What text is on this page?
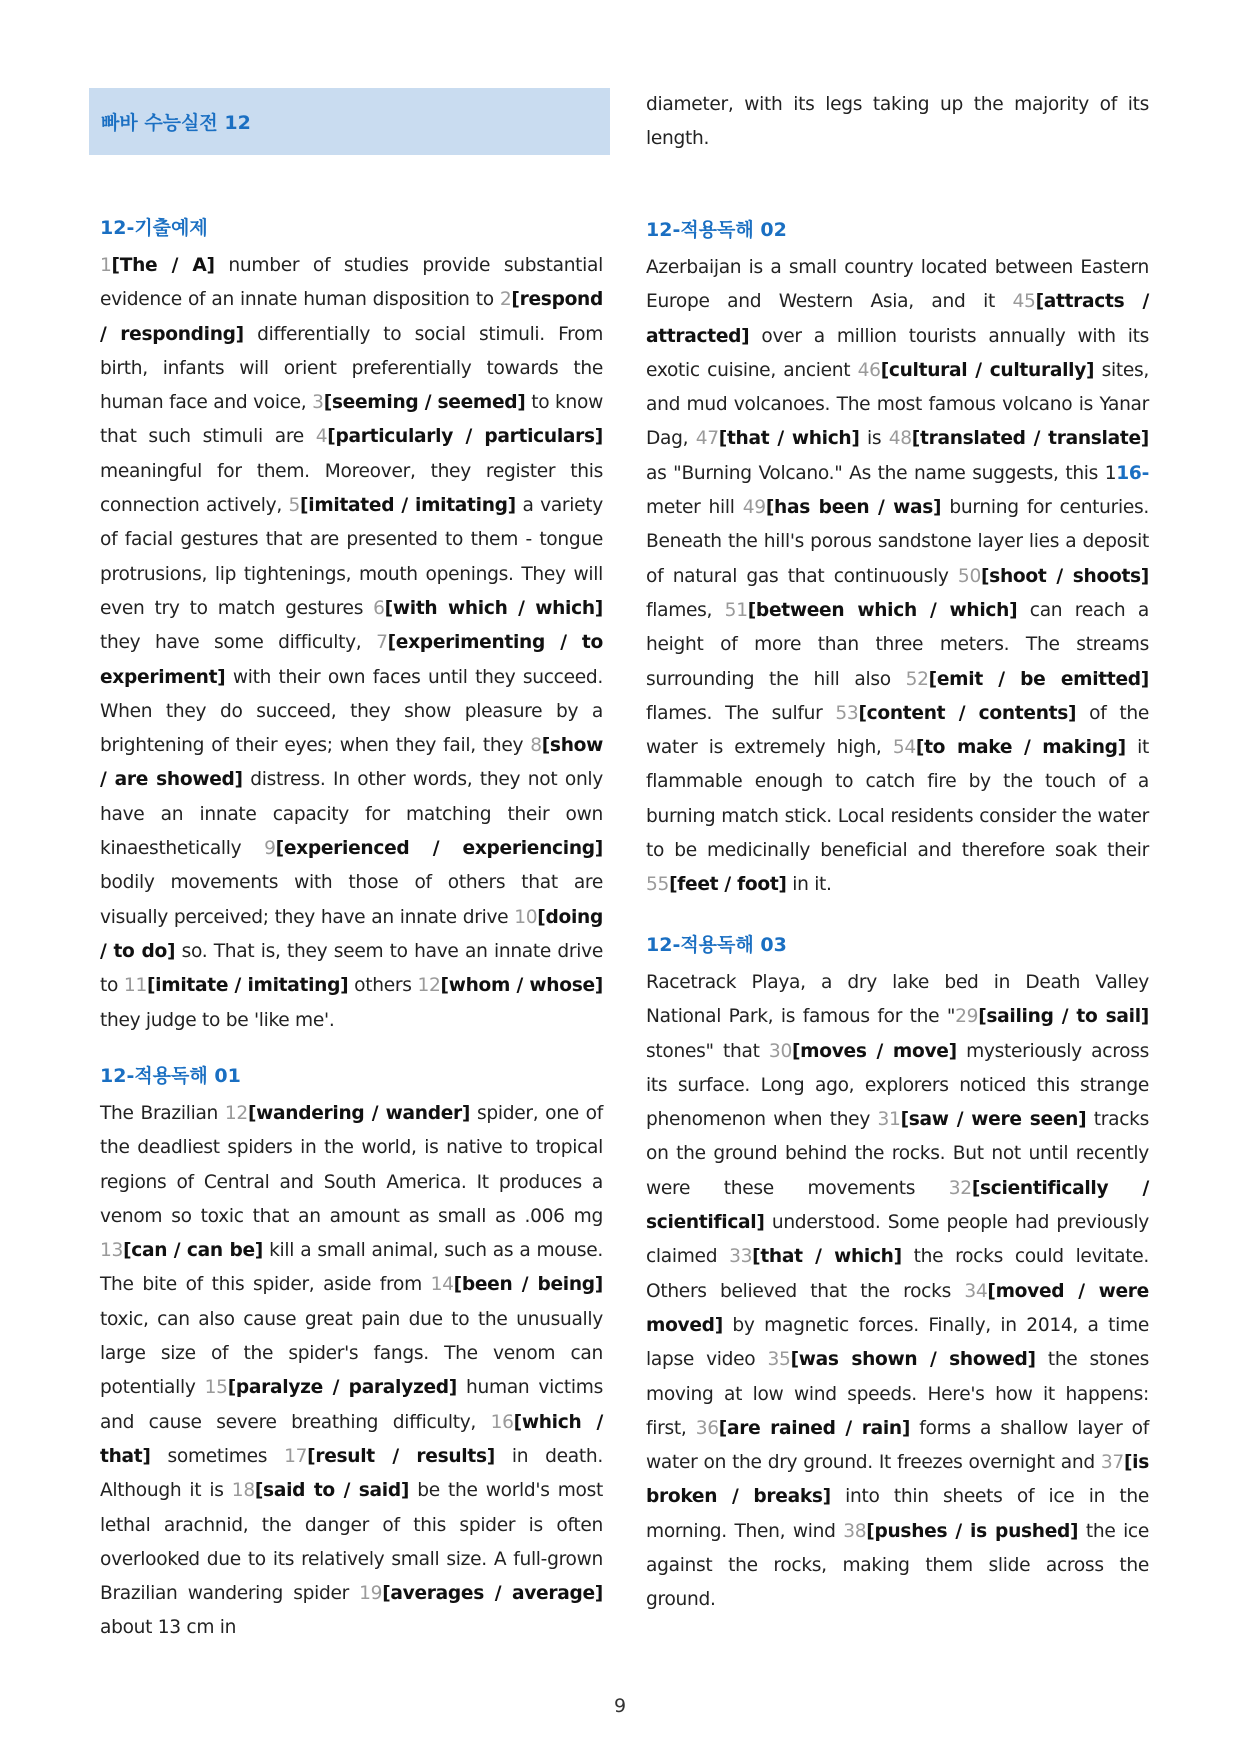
빠바 수능실전 12

diameter, with its legs taking up the majority of its length.

12-기출예제

1[The / A] number of studies provide substantial evidence of an innate human disposition to 2[respond / responding] differentially to social stimuli. From birth, infants will orient preferentially towards the human face and voice, 3[seeming / seemed] to know that such stimuli are 4[particularly / particulars] meaningful for them. Moreover, they register this connection actively, 5[imitated / imitating] a variety of facial gestures that are presented to them - tongue protrusions, lip tightenings, mouth openings. They will even try to match gestures 6[with which / which] they have some difficulty, 7[experimenting / to experiment] with their own faces until they succeed. When they do succeed, they show pleasure by a brightening of their eyes; when they fail, they 8[show / are showed] distress. In other words, they not only have an innate capacity for matching their own kinaesthetically 9[experienced / experiencing] bodily movements with those of others that are visually perceived; they have an innate drive 10[doing / to do] so. That is, they seem to have an innate drive to 11[imitate / imitating] others 12[whom / whose] they judge to be 'like me'.

12-적용독해 01

The Brazilian 12[wandering / wander] spider, one of the deadliest spiders in the world, is native to tropical regions of Central and South America. It produces a venom so toxic that an amount as small as .006 mg 13[can / can be] kill a small animal, such as a mouse. The bite of this spider, aside from 14[been / being] toxic, can also cause great pain due to the unusually large size of the spider's fangs. The venom can potentially 15[paralyze / paralyzed] human victims and cause severe breathing difficulty, 16[which / that] sometimes 17[result / results] in death. Although it is 18[said to / said] be the world's most lethal arachnid, the danger of this spider is often overlooked due to its relatively small size. A full-grown Brazilian wandering spider 19[averages / average] about 13 cm in

12-적용독해 02

Azerbaijan is a small country located between Eastern Europe and Western Asia, and it 45[attracts / attracted] over a million tourists annually with its exotic cuisine, ancient 46[cultural / culturally] sites, and mud volcanoes. The most famous volcano is Yanar Dag, 47[that / which] is 48[translated / translate] as "Burning Volcano." As the name suggests, this 116-meter hill 49[has been / was] burning for centuries. Beneath the hill's porous sandstone layer lies a deposit of natural gas that continuously 50[shoot / shoots] flames, 51[between which / which] can reach a height of more than three meters. The streams surrounding the hill also 52[emit / be emitted] flames. The sulfur 53[content / contents] of the water is extremely high, 54[to make / making] it flammable enough to catch fire by the touch of a burning match stick. Local residents consider the water to be medicinally beneficial and therefore soak their 55[feet / foot] in it.

12-적용독해 03

Racetrack Playa, a dry lake bed in Death Valley National Park, is famous for the "29[sailing / to sail] stones" that 30[moves / move] mysteriously across its surface. Long ago, explorers noticed this strange phenomenon when they 31[saw / were seen] tracks on the ground behind the rocks. But not until recently were these movements 32[scientifically / scientifical] understood. Some people had previously claimed 33[that / which] the rocks could levitate. Others believed that the rocks 34[moved / were moved] by magnetic forces. Finally, in 2014, a time lapse video 35[was shown / showed] the stones moving at low wind speeds. Here's how it happens: first, 36[are rained / rain] forms a shallow layer of water on the dry ground. It freezes overnight and 37[is broken / breaks] into thin sheets of ice in the morning. Then, wind 38[pushes / is pushed] the ice against the rocks, making them slide across the ground.

9
